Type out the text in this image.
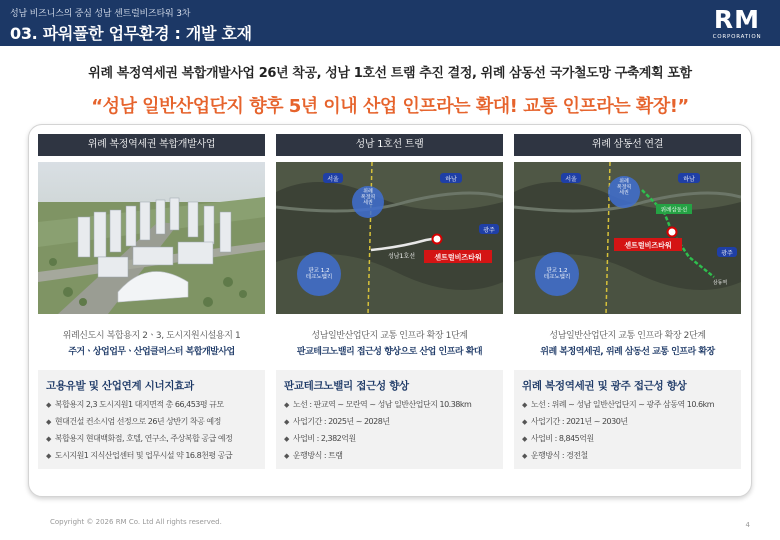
성남 비즈니스의 중심 성남 센트럴비즈타워 3차
03. 파워풀한 업무환경 : 개발 호재	RM
CORPORATION
위례 복정역세권 복합개발사업 26년 착공, 성남 1호선 트램 추진 결정, 위례 삼동선 국가철도망 구축계획 포함
“성남 일반산업단지 향후 5년 이내 산업 인프라는 확대! 교통 인프라는 확장!”
위례 복정역세권 복합개발사업
위례신도시 복합용지 2ㆍ3, 도시지원시설용지 1
주거ㆍ상업업무ㆍ산업클러스터 복합개발사업
고용유발 및 산업연계 시너지효과
◆ 복합용지 2,3 도시지원1 대지면적 총 66,453평 규모
◆ 현대건설 컨소시엄 선정으로 26년 상반기 착공 예정
◆ 복합용지 현대백화점, 호텔, 연구소, 주상복합 공급 예정
◆ 도시지원1 지식산업센터 및 업무시설 약 16.8천평 공급
성남 1호선 트램
서울	하남
광주
위례 복정역 세권
성남1호선
판교 1,2 테크노밸리
센트럴비즈타워
성남일반산업단지 교통 인프라 확장 1단계
판교테크노밸리 접근성 향상으로 산업 인프라 확대
판교테크노밸리 접근성 향상
◆ 노선 : 판교역 ~ 모란역 ~ 성남 일반산업단지 10.38km
◆ 사업기간 : 2025년 ~ 2028년
◆ 사업비 : 2,382억원
◆ 운행방식 : 트램
위례 삼동선 연결
서울	하남
광주
위례 복정역 세권
위례삼동선
판교 1,2 테크노밸리
센트럴비즈타워
삼동역
성남일반산업단지 교통 인프라 확장 2단계
위례 복정역세권, 위례 삼동선 교통 인프라 확장
위례 복정역세권 및 광주 접근성 향상
◆ 노선 : 위례 ~ 성남 일반산업단지 ~ 광주 삼동역 10.6km
◆ 사업기간 : 2021년 ~ 2030년
◆ 사업비 : 8,845억원
◆ 운행방식 : 경전철
Copyright © 2026 RM Co. Ltd All rights reserved.	4
